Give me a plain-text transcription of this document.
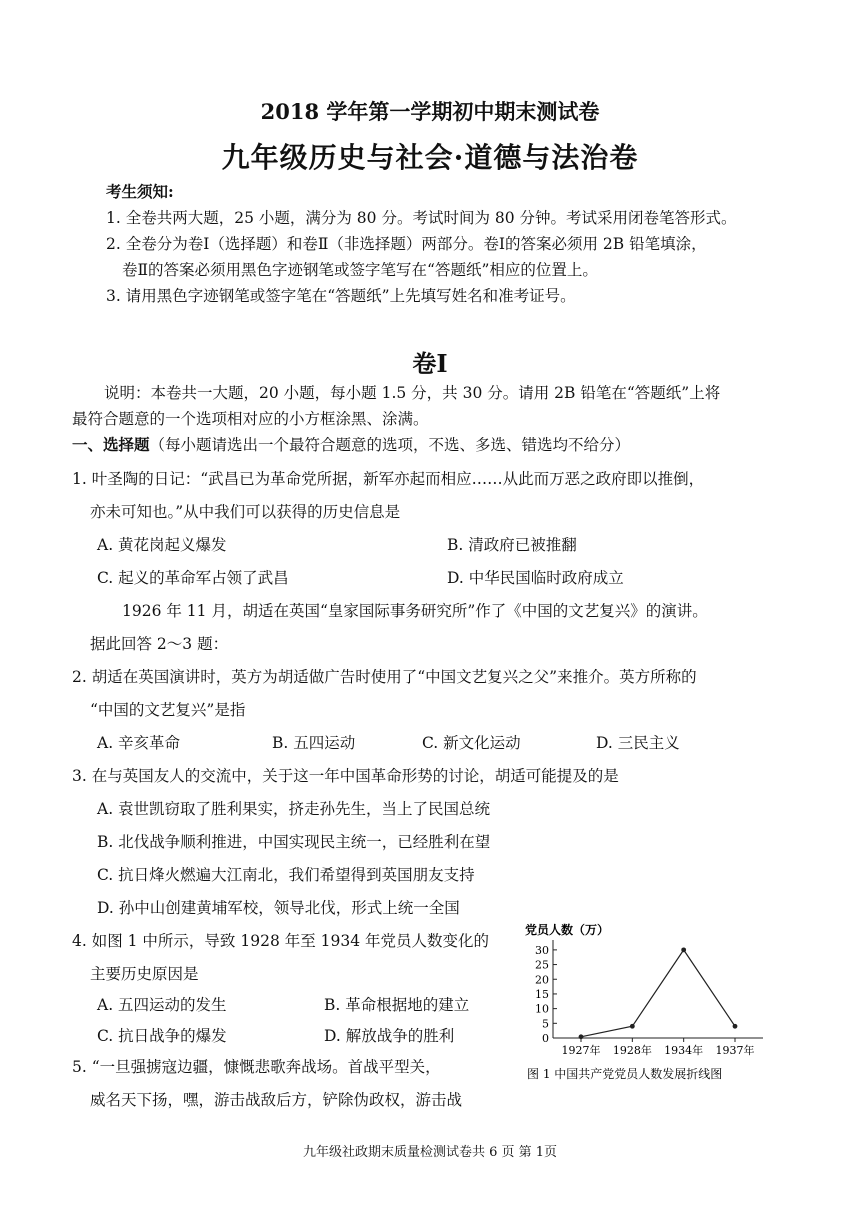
2018 学年第一学期初中期末测试卷
九年级历史与社会·道德与法治卷
考生须知:
1. 全卷共两大题，25 小题，满分为 80 分。考试时间为 80 分钟。考试采用闭卷笔答形式。
2. 全卷分为卷Ⅰ（选择题）和卷Ⅱ（非选择题）两部分。卷Ⅰ的答案必须用 2B 铅笔填涂，
卷Ⅱ的答案必须用黑色字迹钢笔或签字笔写在“答题纸”相应的位置上。
3. 请用黑色字迹钢笔或签字笔在“答题纸”上先填写姓名和准考证号。
卷Ⅰ
说明：本卷共一大题，20 小题，每小题 1.5 分，共 30 分。请用 2B 铅笔在“答题纸”上将
最符合题意的一个选项相对应的小方框涂黑、涂满。
一、选择题（每小题请选出一个最符合题意的选项，不选、多选、错选均不给分）
1. 叶圣陶的日记：“武昌已为革命党所据，新军亦起而相应……从此而万恶之政府即以推倒，
亦未可知也。”从中我们可以获得的历史信息是
A. 黄花岗起义爆发	B. 清政府已被推翻
C. 起义的革命军占领了武昌	D. 中华民国临时政府成立
1926 年 11 月，胡适在英国“皇家国际事务研究所”作了《中国的文艺复兴》的演讲。
据此回答 2～3 题：
2. 胡适在英国演讲时，英方为胡适做广告时使用了“中国文艺复兴之父”来推介。英方所称的
“中国的文艺复兴”是指
A. 辛亥革命	B. 五四运动	C. 新文化运动	D. 三民主义
3. 在与英国友人的交流中，关于这一年中国革命形势的讨论，胡适可能提及的是
A. 袁世凯窃取了胜利果实，挤走孙先生，当上了民国总统
B. 北伐战争顺利推进，中国实现民主统一，已经胜利在望
C. 抗日烽火燃遍大江南北，我们希望得到英国朋友支持
D. 孙中山创建黄埔军校，领导北伐，形式上统一全国
4. 如图 1 中所示，导致 1928 年至 1934 年党员人数变化的
主要历史原因是
A. 五四运动的发生	B. 革命根据地的建立
C. 抗日战争的爆发	D. 解放战争的胜利
5. “一旦强掳寇边疆，慷慨悲歌奔战场。首战平型关，
威名天下扬，嘿，游击战敌后方，铲除伪政权，游击战
党员人数（万）
0
5
10
15
20
25
30
1927年 1928年 1934年 1937年
图 1 中国共产党党员人数发展折线图
九年级社政期末质量检测试卷共 6 页 第 1页
